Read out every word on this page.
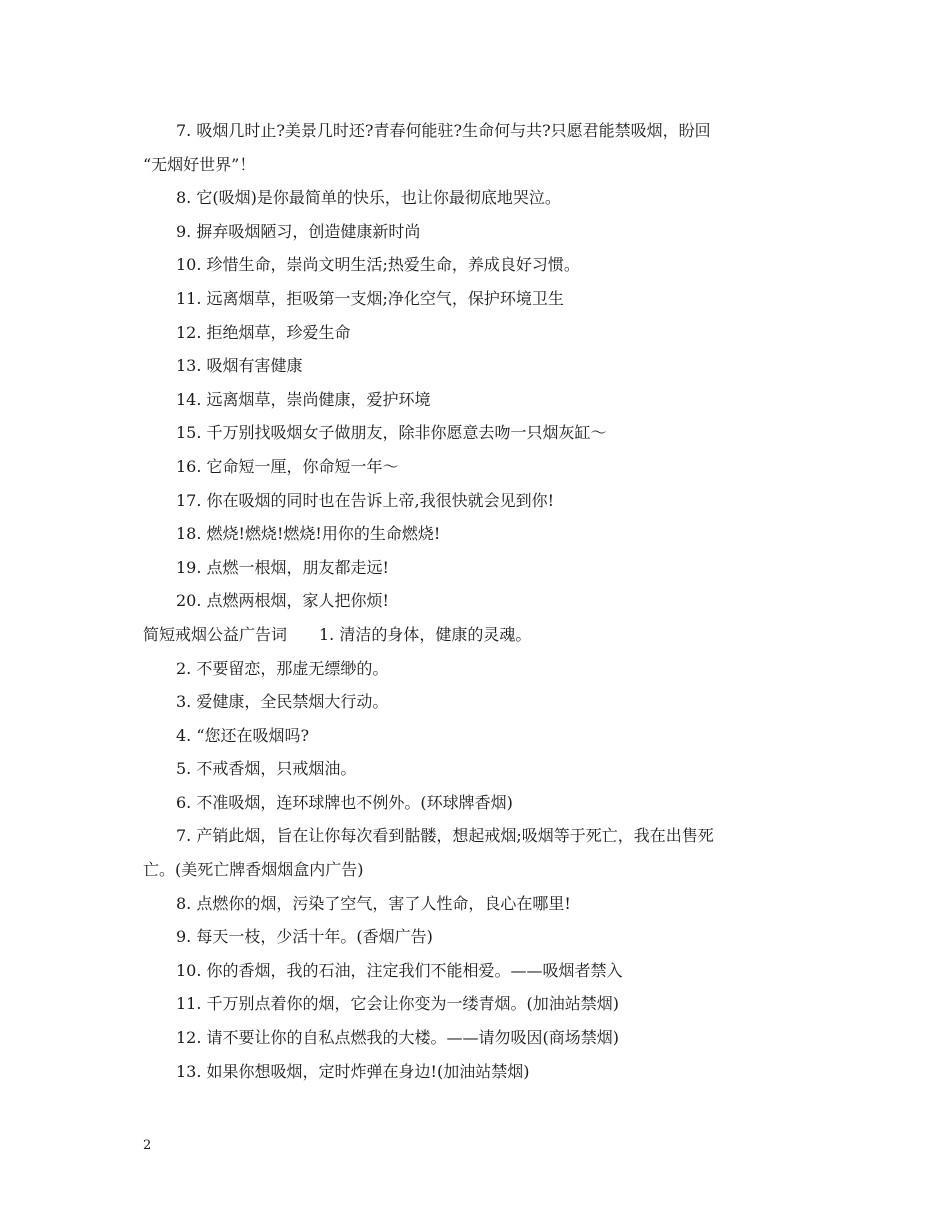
7. 吸烟几时止?美景几时还?青春何能驻?生命何与共?只愿君能禁吸烟，盼回
“无烟好世界”！
8. 它(吸烟)是你最简单的快乐，也让你最彻底地哭泣。
9. 摒弃吸烟陋习，创造健康新时尚
10. 珍惜生命，崇尚文明生活;热爱生命，养成良好习惯。
11. 远离烟草，拒吸第一支烟;净化空气，保护环境卫生
12. 拒绝烟草，珍爱生命
13. 吸烟有害健康
14. 远离烟草，崇尚健康，爱护环境
15. 千万别找吸烟女子做朋友，除非你愿意去吻一只烟灰缸～
16. 它命短一厘，你命短一年～
17. 你在吸烟的同时也在告诉上帝,我很快就会见到你!
18. 燃烧!燃烧!燃烧!用你的生命燃烧!
19. 点燃一根烟，朋友都走远!
20. 点燃两根烟，家人把你烦!
简短戒烟公益广告词　　1. 清洁的身体，健康的灵魂。
2. 不要留恋，那虚无缥缈的。
3. 爱健康，全民禁烟大行动。
4. “您还在吸烟吗?
5. 不戒香烟，只戒烟油。
6. 不准吸烟，连环球牌也不例外。(环球牌香烟)
7. 产销此烟，旨在让你每次看到骷髅，想起戒烟;吸烟等于死亡，我在出售死
亡。(美死亡牌香烟烟盒内广告)
8. 点燃你的烟，污染了空气，害了人性命，良心在哪里!
9. 每天一枝，少活十年。(香烟广告)
10. 你的香烟，我的石油，注定我们不能相爱。——吸烟者禁入
11. 千万别点着你的烟，它会让你变为一缕青烟。(加油站禁烟)
12. 请不要让你的自私点燃我的大楼。——请勿吸因(商场禁烟)
13. 如果你想吸烟，定时炸弹在身边!(加油站禁烟)
2
